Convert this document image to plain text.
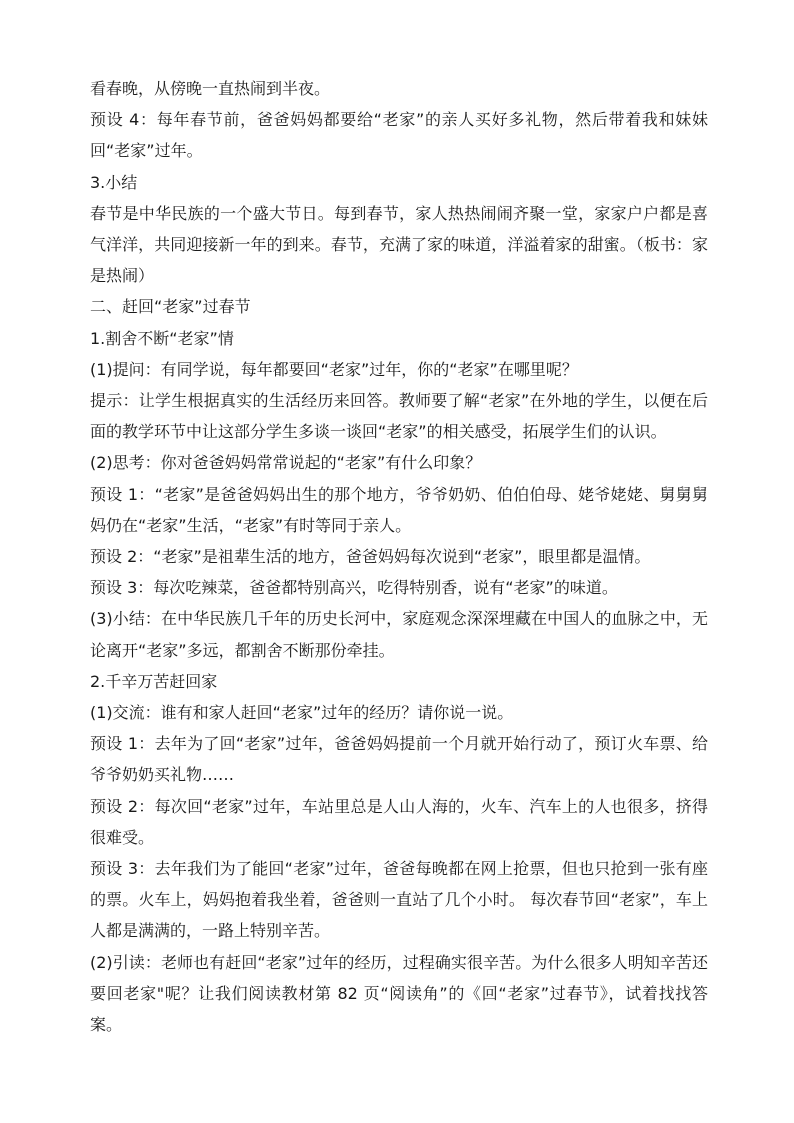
看春晚，从傍晚一直热闹到半夜。

预设 4：每年春节前，爸爸妈妈都要给“老家”的亲人买好多礼物，然后带着我和妹妹回“老家”过年。

3.小结

春节是中华民族的一个盛大节日。每到春节，家人热热闹闹齐聚一堂，家家户户都是喜气洋洋，共同迎接新一年的到来。春节，充满了家的味道，洋溢着家的甜蜜。（板书：家是热闹）

二、赶回“老家”过春节

1.割舍不断“老家”情

(1)提问：有同学说，每年都要回“老家”过年，你的“老家”在哪里呢？

提示：让学生根据真实的生活经历来回答。教师要了解“老家”在外地的学生，以便在后面的教学环节中让这部分学生多谈一谈回“老家”的相关感受，拓展学生们的认识。

(2)思考：你对爸爸妈妈常常说起的“老家”有什么印象？

预设 1：“老家”是爸爸妈妈出生的那个地方，爷爷奶奶、伯伯伯母、姥爷姥姥、舅舅舅妈仍在“老家”生活，“老家”有时等同于亲人。

预设 2：“老家”是祖辈生活的地方，爸爸妈妈每次说到“老家”，眼里都是温情。

预设 3：每次吃辣菜，爸爸都特别高兴，吃得特别香，说有“老家”的味道。

(3)小结：在中华民族几千年的历史长河中，家庭观念深深埋藏在中国人的血脉之中，无论离开“老家”多远，都割舍不断那份牵挂。

2.千辛万苦赶回家

(1)交流：谁有和家人赶回“老家”过年的经历？请你说一说。

预设 1：去年为了回“老家”过年，爸爸妈妈提前一个月就开始行动了，预订火车票、给爷爷奶奶买礼物……

预设 2：每次回“老家”过年，车站里总是人山人海的，火车、汽车上的人也很多，挤得很难受。

预设 3：去年我们为了能回“老家”过年，爸爸每晚都在网上抢票，但也只抢到一张有座的票。火车上，妈妈抱着我坐着，爸爸则一直站了几个小时。 每次春节回“老家”，车上人都是满满的，一路上特别辛苦。

(2)引读：老师也有赶回“老家”过年的经历，过程确实很辛苦。为什么很多人明知辛苦还要回老家"呢？让我们阅读教材第 82 页“阅读角”的《回“老家”过春节》，试着找找答案。
